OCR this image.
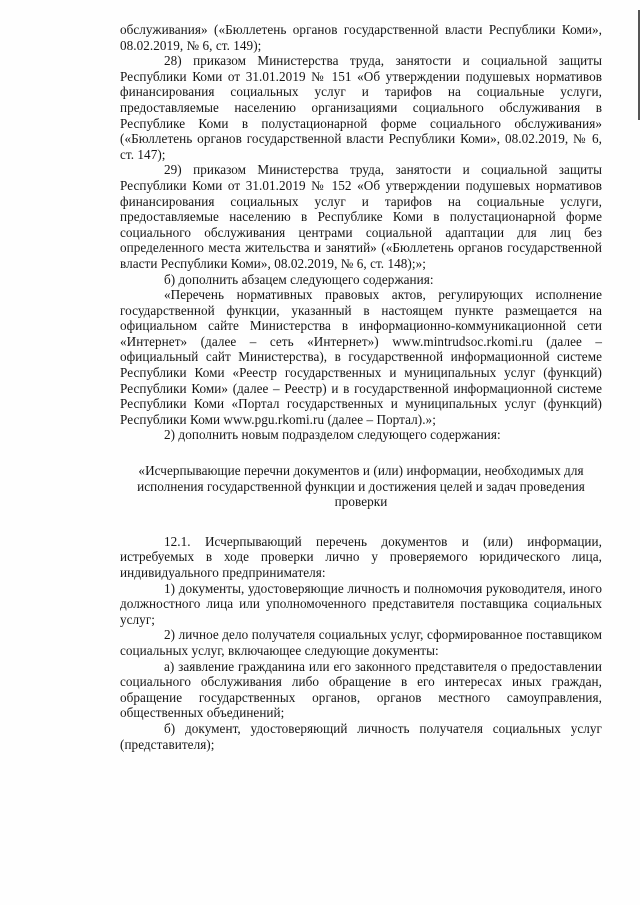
обслуживания» («Бюллетень органов государственной власти Республики Коми», 08.02.2019, № 6, ст. 149);

28) приказом Министерства труда, занятости и социальной защиты Республики Коми от 31.01.2019 № 151 «Об утверждении подушевых нормативов финансирования социальных услуг и тарифов на социальные услуги, предоставляемые населению организациями социального обслуживания в Республике Коми в полустационарной форме социального обслуживания» («Бюллетень органов государственной власти Республики Коми», 08.02.2019, № 6, ст. 147);

29) приказом Министерства труда, занятости и социальной защиты Республики Коми от 31.01.2019 № 152 «Об утверждении подушевых нормативов финансирования социальных услуг и тарифов на социальные услуги, предоставляемые населению в Республике Коми в полустационарной форме социального обслуживания центрами социальной адаптации для лиц без определенного места жительства и занятий» («Бюллетень органов государственной власти Республики Коми», 08.02.2019, № 6, ст. 148);»;

б) дополнить абзацем следующего содержания:

«Перечень нормативных правовых актов, регулирующих исполнение государственной функции, указанный в настоящем пункте размещается на официальном сайте Министерства в информационно-коммуникационной сети «Интернет» (далее – сеть «Интернет») www.mintrudsoc.rkomi.ru (далее – официальный сайт Министерства), в государственной информационной системе Республики Коми «Реестр государственных и муниципальных услуг (функций) Республики Коми» (далее – Реестр) и в государственной информационной системе Республики Коми «Портал государственных и муниципальных услуг (функций) Республики Коми www.pgu.rkomi.ru (далее – Портал).»;

2) дополнить новым подразделом следующего содержания:

«Исчерпывающие перечни документов и (или) информации, необходимых для исполнения государственной функции и достижения целей и задач проведения проверки

12.1. Исчерпывающий перечень документов и (или) информации, истребуемых в ходе проверки лично у проверяемого юридического лица, индивидуального предпринимателя:

1) документы, удостоверяющие личность и полномочия руководителя, иного должностного лица или уполномоченного представителя поставщика социальных услуг;

2) личное дело получателя социальных услуг, сформированное поставщиком социальных услуг, включающее следующие документы:

а) заявление гражданина или его законного представителя о предоставлении социального обслуживания либо обращение в его интересах иных граждан, обращение государственных органов, органов местного самоуправления, общественных объединений;

б) документ, удостоверяющий личность получателя социальных услуг (представителя);
